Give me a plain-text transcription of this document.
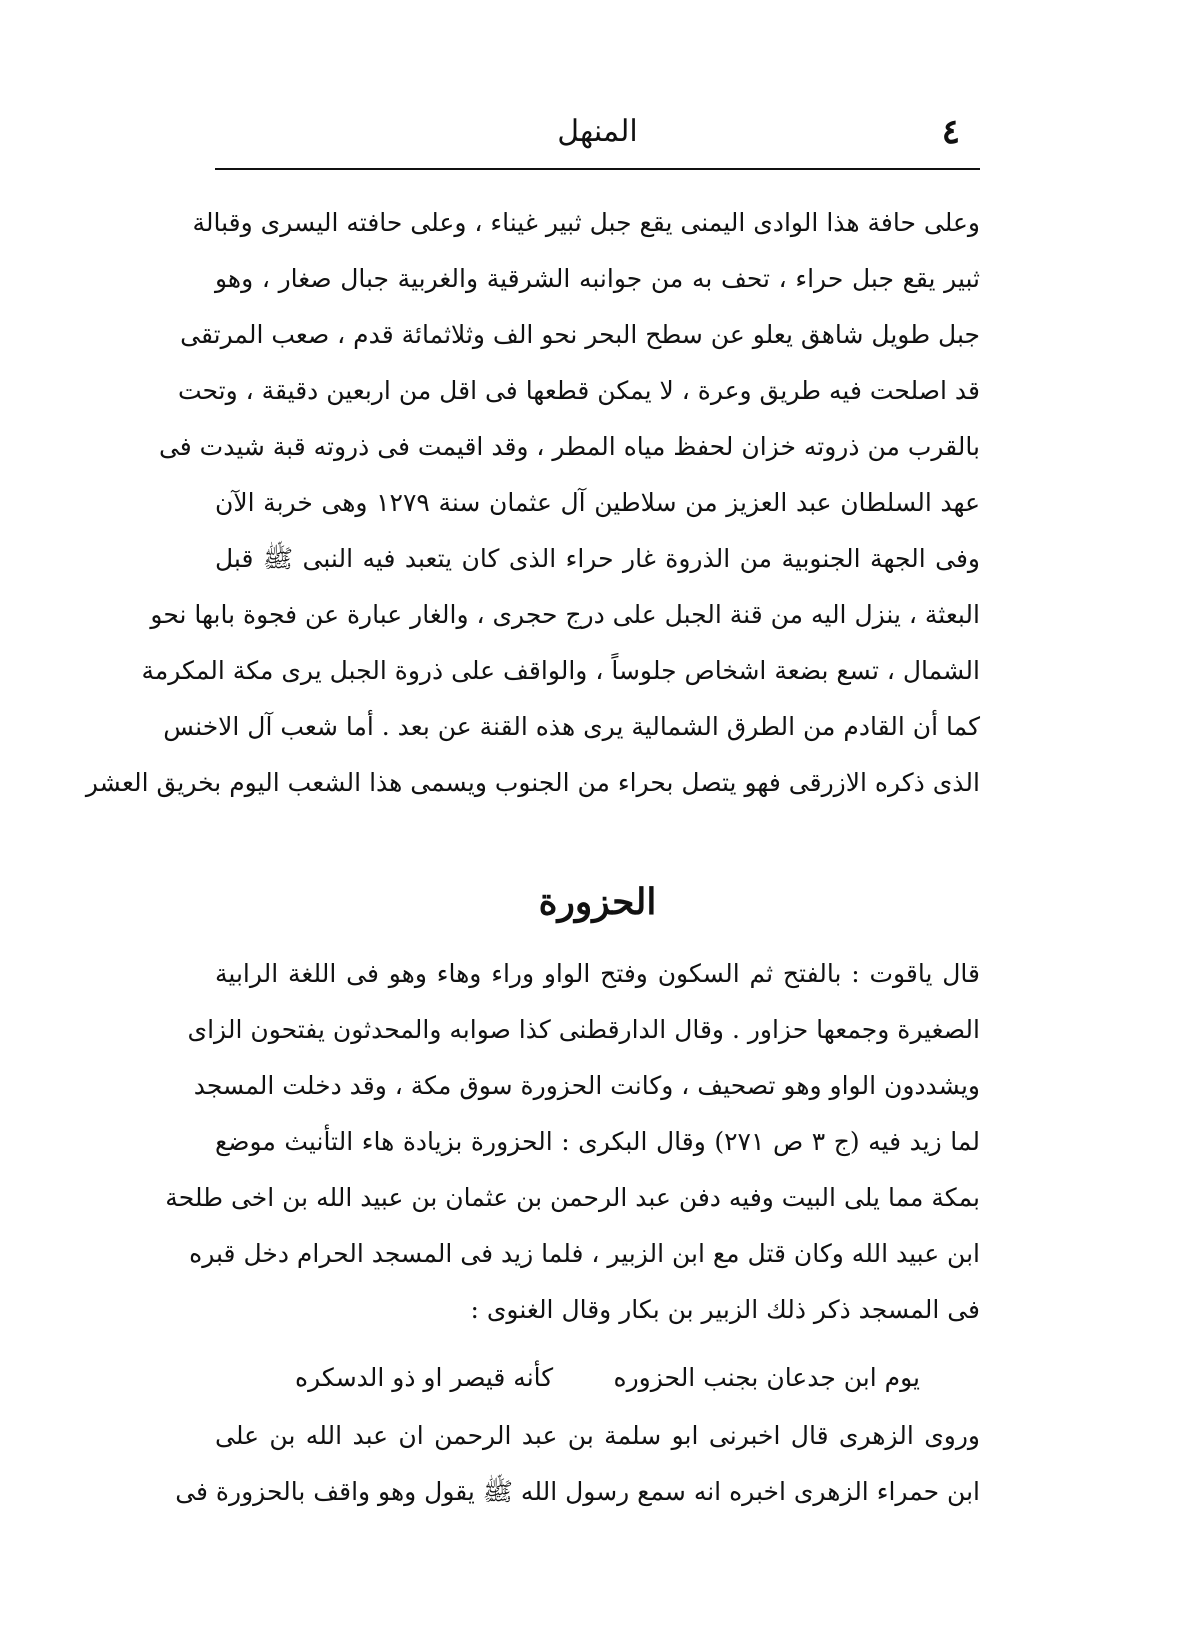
٤
المنهل
وعلى حافة هذا الوادى اليمنى يقع جبل ثبير غيناء ، وعلى حافته اليسرى وقبالة
ثبير يقع جبل حراء ، تحف به من جوانبه الشرقية والغربية جبال صغار ، وهو
جبل طويل شاهق يعلو عن سطح البحر نحو الف وثلاثمائة قدم ، صعب المرتقى
قد اصلحت فيه طريق وعرة ، لا يمكن قطعها فى اقل من اربعين دقيقة ، وتحت
بالقرب من ذروته خزان لحفظ مياه المطر ، وقد اقيمت فى ذروته قبة شيدت فى
عهد السلطان عبد العزيز من سلاطين آل عثمان سنة ١٢٧٩ وهى خربة الآن
وفى الجهة الجنوبية من الذروة غار حراء الذى كان يتعبد فيه النبى ﷺ قبل
البعثة ، ينزل اليه من قنة الجبل على درج حجرى ، والغار عبارة عن فجوة بابها نحو
الشمال ، تسع بضعة اشخاص جلوساً ، والواقف على ذروة الجبل يرى مكة المكرمة
كما أن القادم من الطرق الشمالية يرى هذه القنة عن بعد . أما شعب آل الاخنس
الذى ذكره الازرقى فهو يتصل بحراء من الجنوب ويسمى هذا الشعب اليوم بخريق العشر
الحزورة
قال ياقوت : بالفتح ثم السكون وفتح الواو وراء وهاء وهو فى اللغة الرابية
الصغيرة وجمعها حزاور . وقال الدارقطنى كذا صوابه والمحدثون يفتحون الزاى
ويشددون الواو وهو تصحيف ، وكانت الحزورة سوق مكة ، وقد دخلت المسجد
لما زيد فيه (ج ٣ ص ٢٧١) وقال البكرى : الحزورة بزيادة هاء التأنيث موضع
بمكة مما يلى البيت وفيه دفن عبد الرحمن بن عثمان بن عبيد الله بن اخى طلحة
ابن عبيد الله وكان قتل مع ابن الزبير ، فلما زيد فى المسجد الحرام دخل قبره
فى المسجد ذكر ذلك الزبير بن بكار وقال الغنوى :
يوم ابن جدعان بجنب الحزوره
كأنه قيصر او ذو الدسكره
وروى الزهرى قال اخبرنى ابو سلمة بن عبد الرحمن ان عبد الله بن على
ابن حمراء الزهرى اخبره انه سمع رسول الله ﷺ يقول وهو واقف بالحزورة فى
